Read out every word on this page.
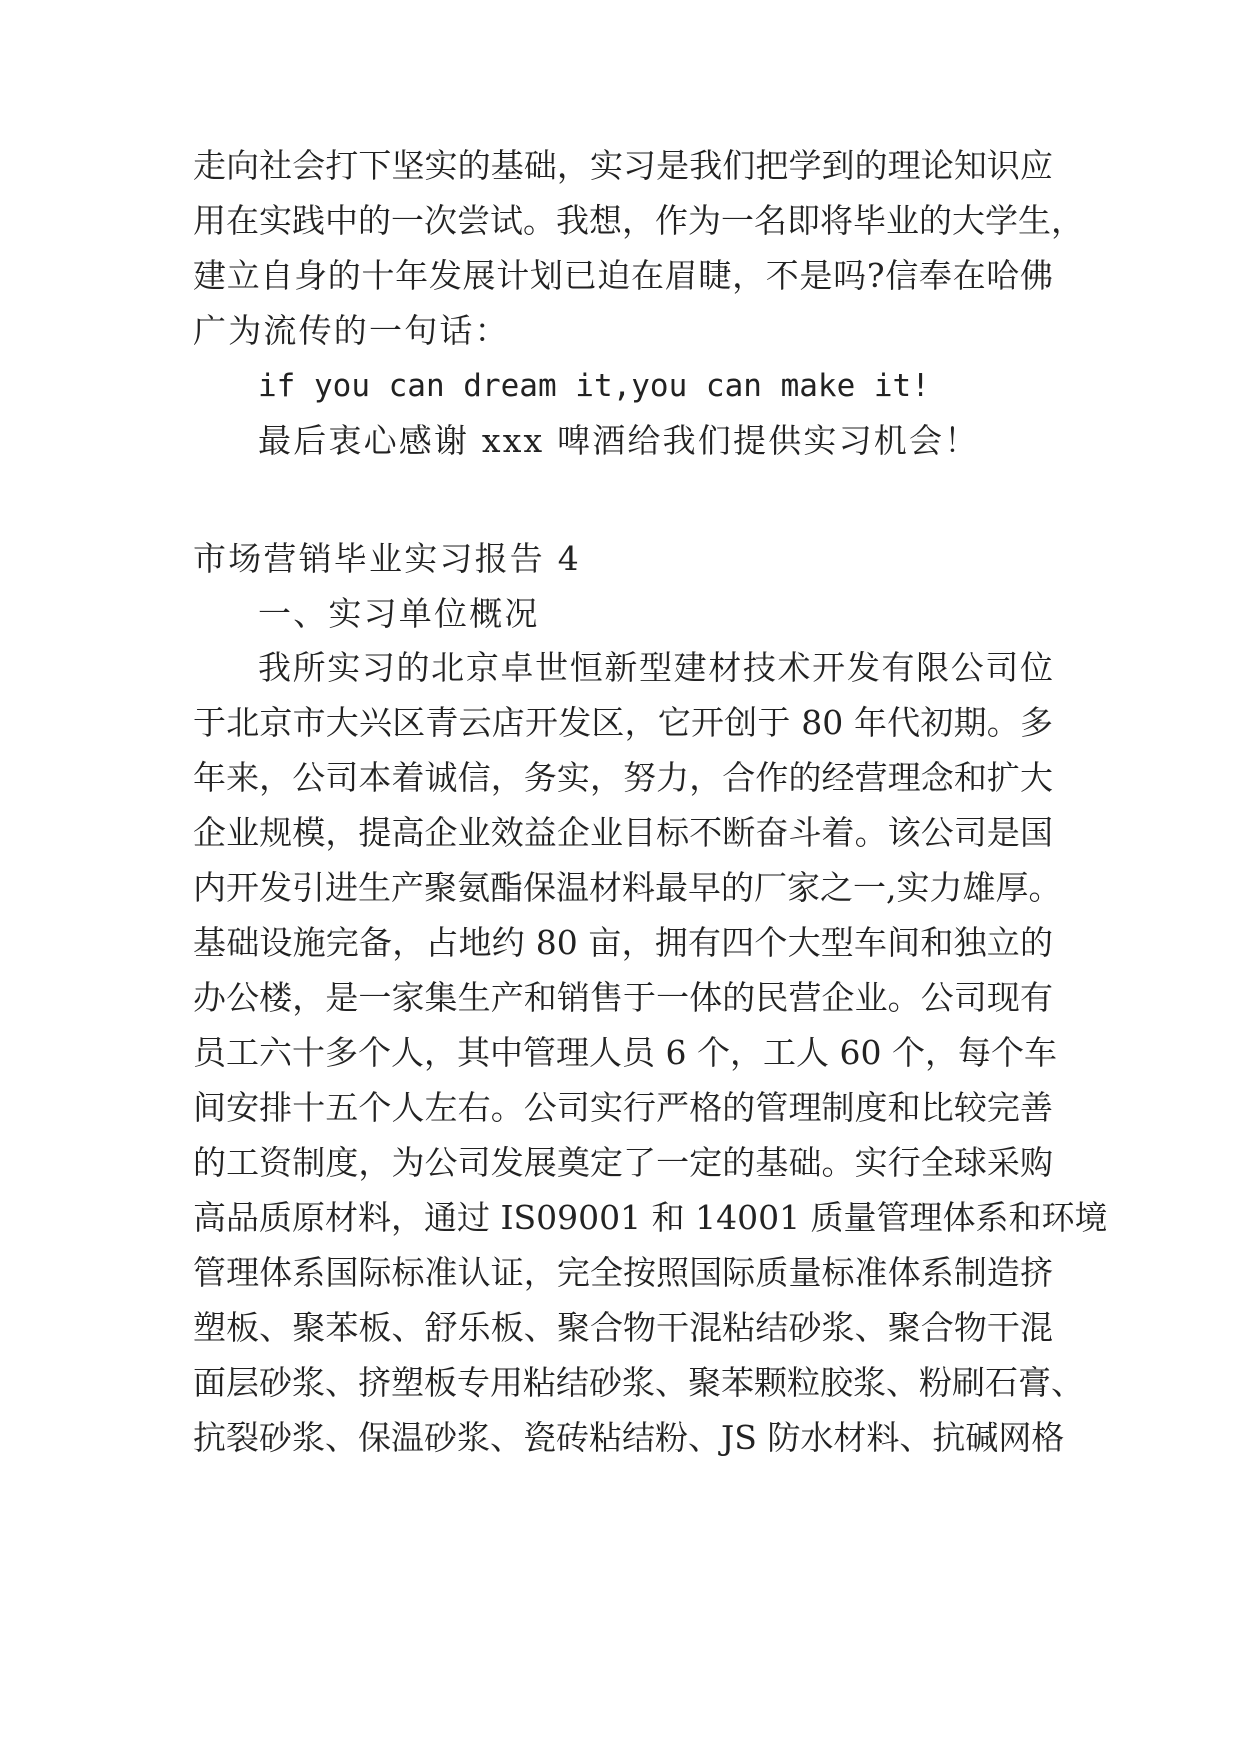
走向社会打下坚实的基础，实习是我们把学到的理论知识应
用在实践中的一次尝试。我想，作为一名即将毕业的大学生，
建立自身的十年发展计划已迫在眉睫，不是吗?信奉在哈佛
广为流传的一句话：
if you can dream it,you can make it!
最后衷心感谢 xxx 啤酒给我们提供实习机会！
市场营销毕业实习报告 4
一、实习单位概况
我所实习的北京卓世恒新型建材技术开发有限公司位
于北京市大兴区青云店开发区，它开创于 80 年代初期。多
年来，公司本着诚信，务实，努力，合作的经营理念和扩大
企业规模，提高企业效益企业目标不断奋斗着。该公司是国
内开发引进生产聚氨酯保温材料最早的厂家之一,实力雄厚。
基础设施完备，占地约 80 亩，拥有四个大型车间和独立的
办公楼，是一家集生产和销售于一体的民营企业。公司现有
员工六十多个人，其中管理人员 6 个，工人 60 个，每个车
间安排十五个人左右。公司实行严格的管理制度和比较完善
的工资制度，为公司发展奠定了一定的基础。实行全球采购
高品质原材料，通过 IS09001 和 14001 质量管理体系和环境
管理体系国际标准认证，完全按照国际质量标准体系制造挤
塑板、聚苯板、舒乐板、聚合物干混粘结砂浆、聚合物干混
面层砂浆、挤塑板专用粘结砂浆、聚苯颗粒胶浆、粉刷石膏、
抗裂砂浆、保温砂浆、瓷砖粘结粉、JS 防水材料、抗碱网格
